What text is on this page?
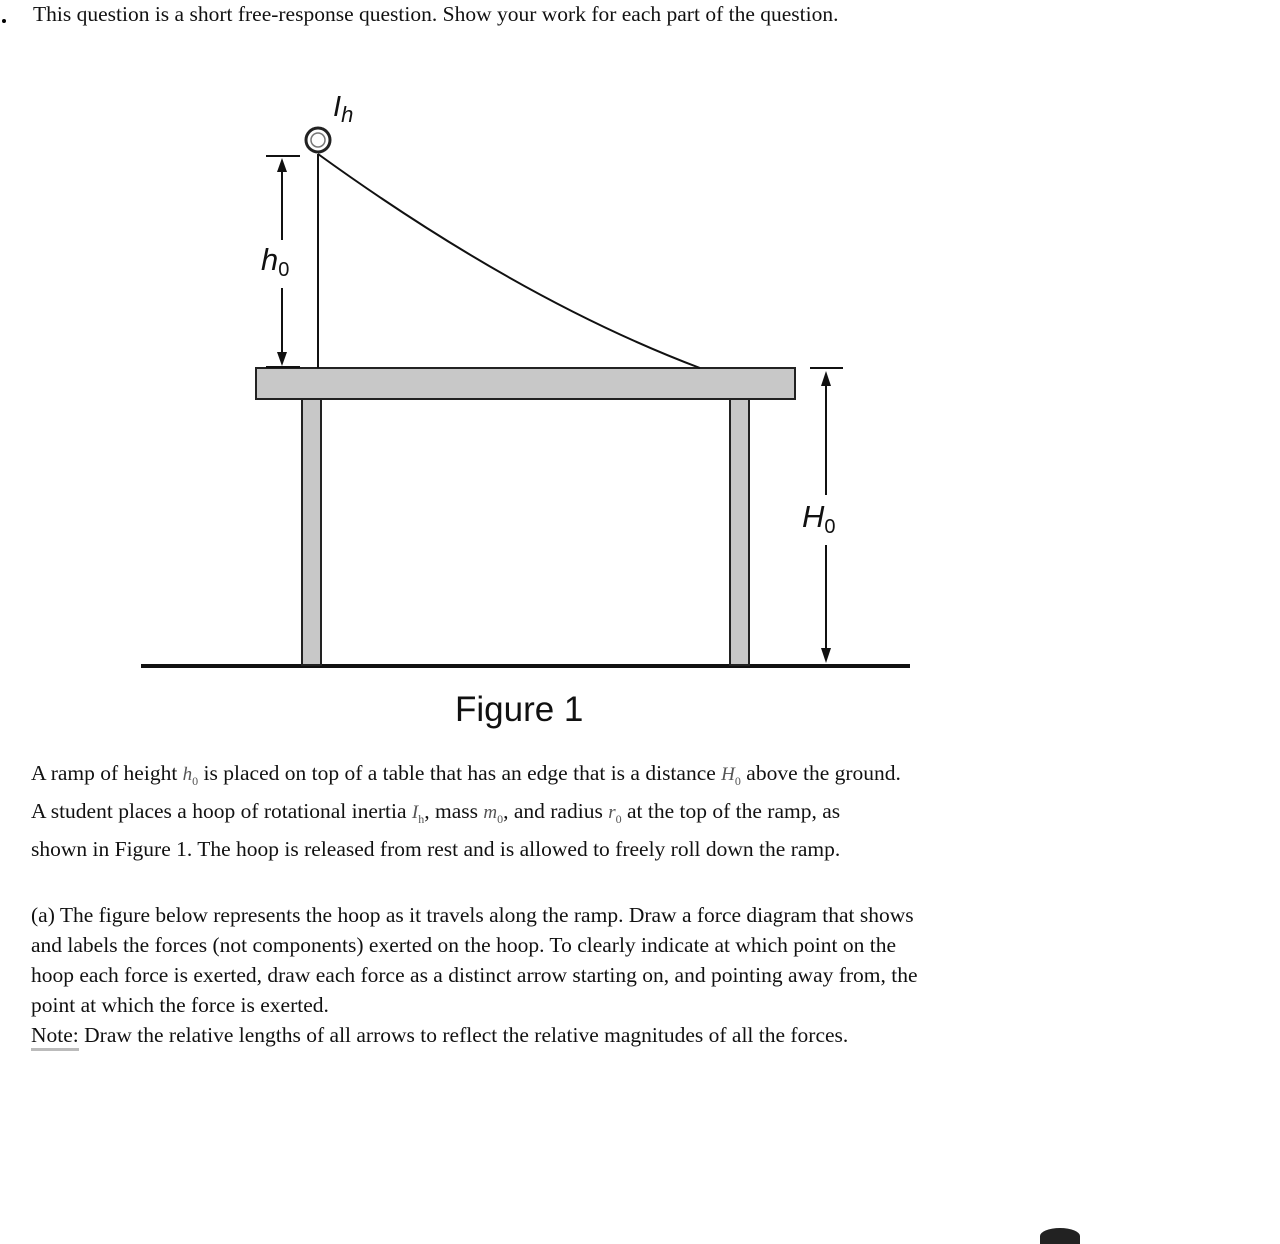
This question is a short free-response question. Show your work for each part of the question.
h0
$I_h$
H0
Figure 1
A ramp of height $h_0$ is placed on top of a table that has an edge that is a distance $H_0$ above the ground.
A student places a hoop of rotational inertia $I_h$, mass $m_0$, and radius $r_0$ at the top of the ramp, as
shown in Figure 1. The hoop is released from rest and is allowed to freely roll down the ramp.
(a) The figure below represents the hoop as it travels along the ramp. Draw a force diagram that shows
and labels the forces (not components) exerted on the hoop. To clearly indicate at which point on the
hoop each force is exerted, draw each force as a distinct arrow starting on, and pointing away from, the
point at which the force is exerted.
Note: Draw the relative lengths of all arrows to reflect the relative magnitudes of all the forces.
